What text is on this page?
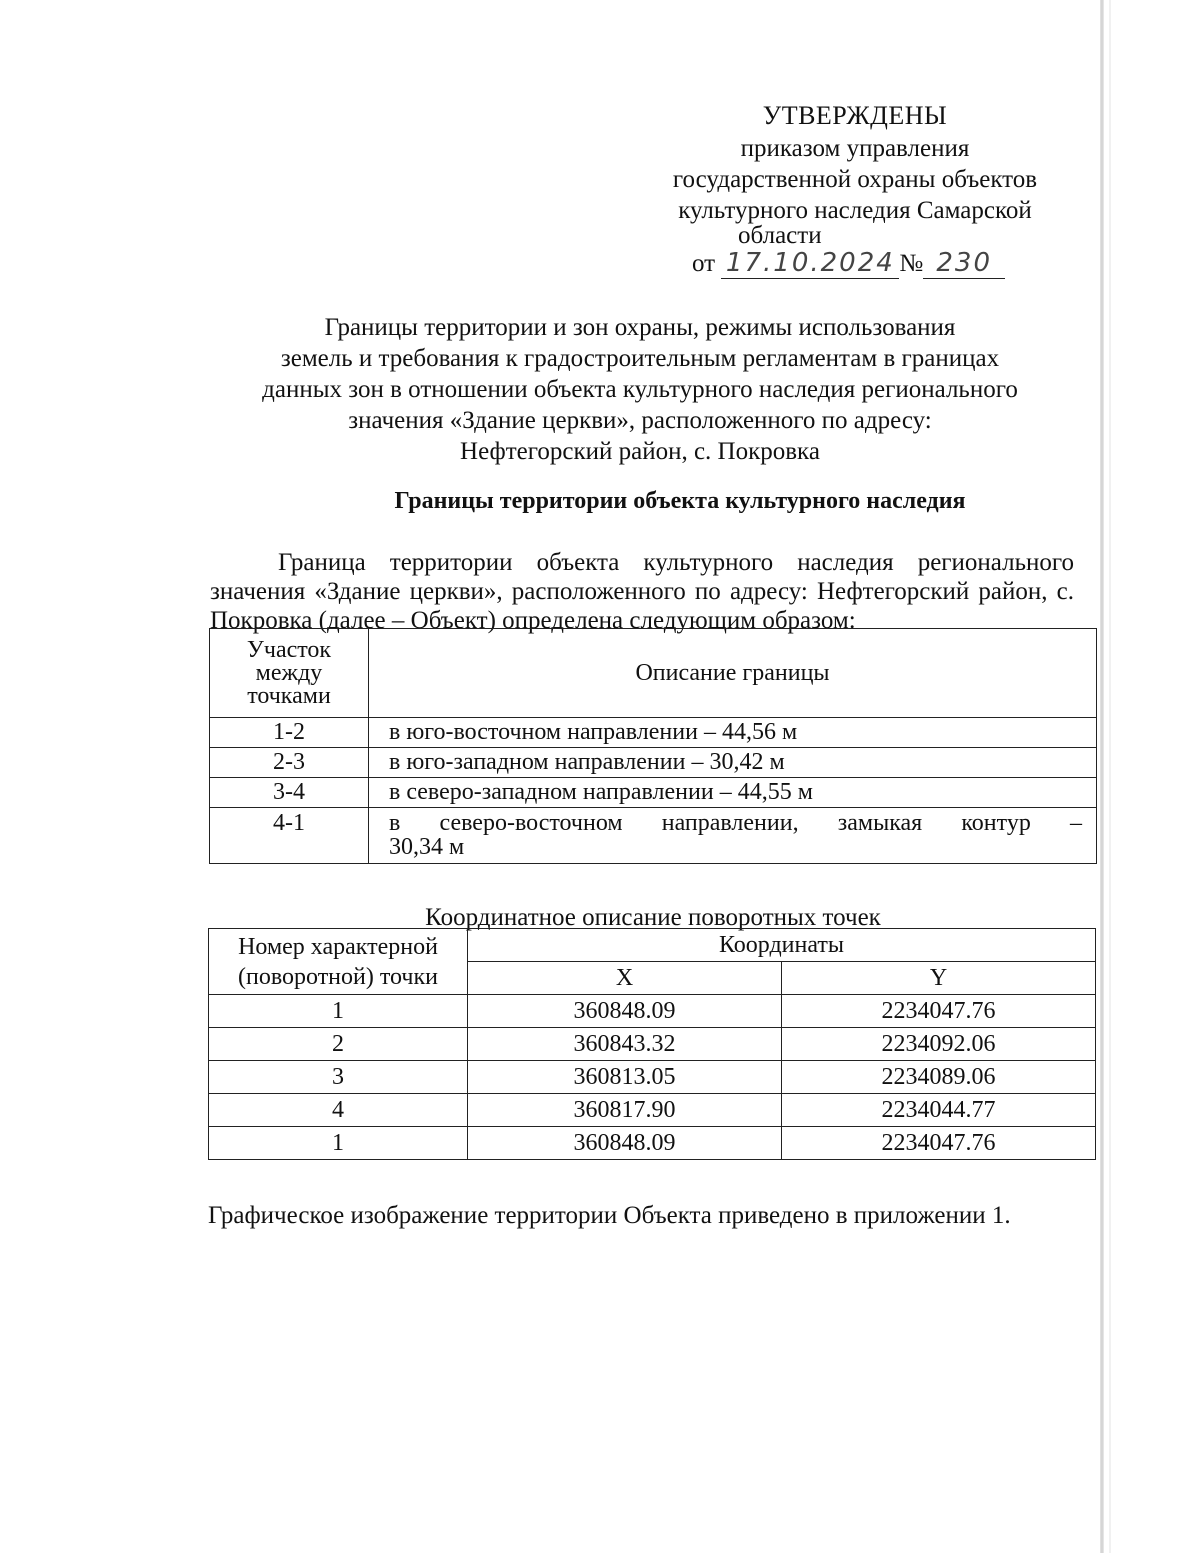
УТВЕРЖДЕНЫ
приказом управления
государственной охраны объектов
культурного наследия Самарской
области
от 17.10.2024 № 230
Границы территории и зон охраны, режимы использования
земель и требования к градостроительным регламентам в границах
данных зон в отношении объекта культурного наследия регионального
значения «Здание церкви», расположенного по адресу:
Нефтегорский район, с. Покровка
Границы территории объекта культурного наследия
Граница территории объекта культурного наследия регионального значения «Здание церкви», расположенного по адресу: Нефтегорский район, с. Покровка (далее – Объект) определена следующим образом:
Участок
между
точками	Описание границы
1-2	в юго-восточном направлении – 44,56 м
2-3	в юго-западном направлении – 30,42 м
3-4	в северо-западном направлении – 44,55 м
4-1	в северо-восточном направлении, замыкая контур –
30,34 м
Координатное описание поворотных точек
Номер характерной
(поворотной) точки	Координаты	
	X	Y
1	360848.09	2234047.76
2	360843.32	2234092.06
3	360813.05	2234089.06
4	360817.90	2234044.77
1	360848.09	2234047.76
Графическое изображение территории Объекта приведено в приложении 1.
